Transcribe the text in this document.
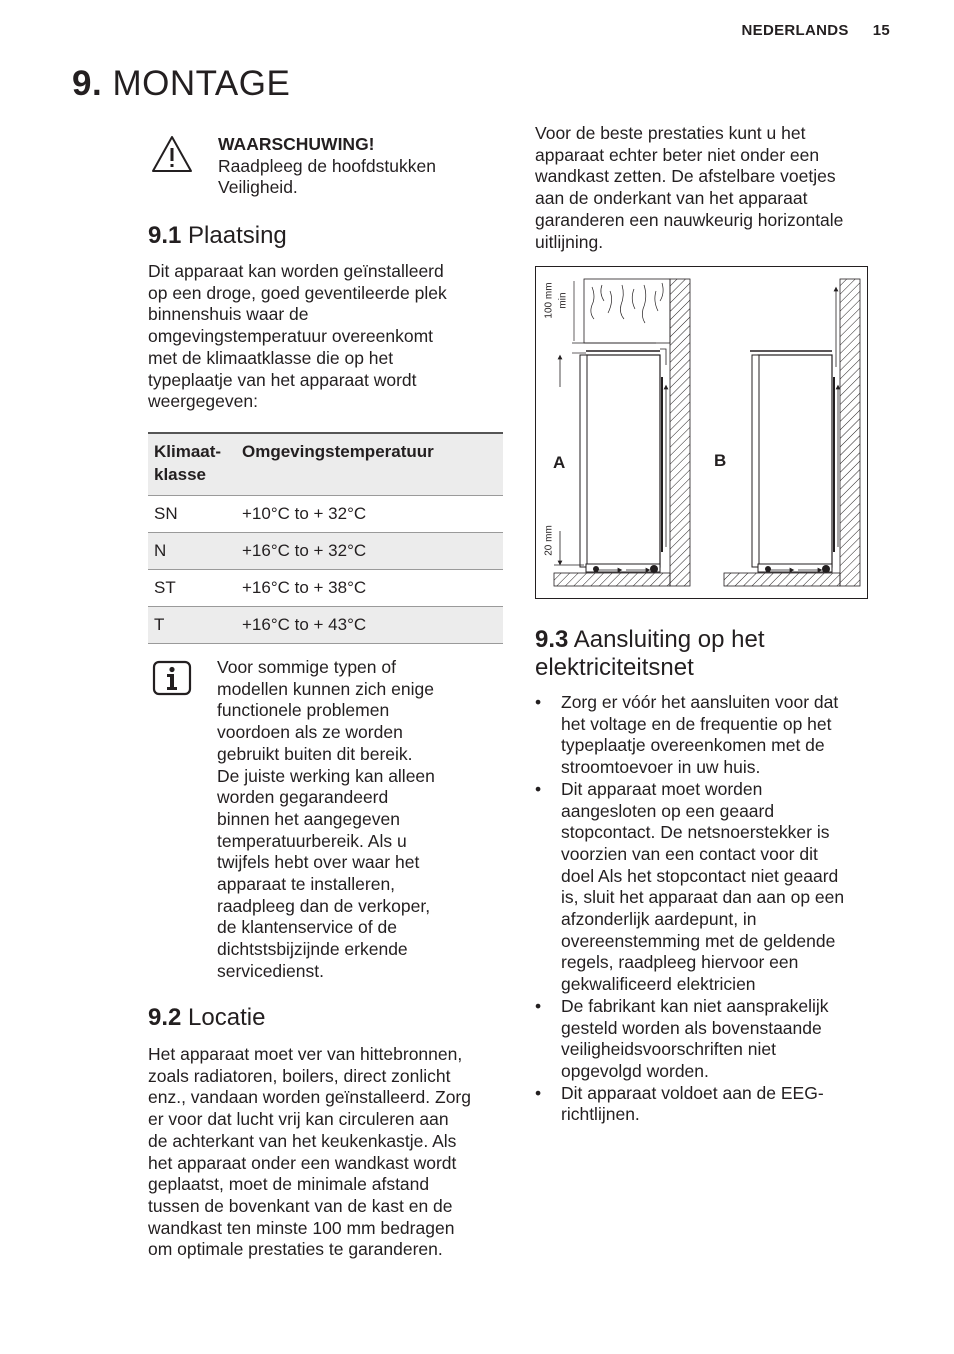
NEDERLANDS 15
9. MONTAGE
WAARSCHUWING!
Raadpleeg de hoofdstukken
Veiligheid.
9.1 Plaatsing
Dit apparaat kan worden geïnstalleerd
op een droge, goed geventileerde plek
binnenshuis waar de
omgevingstemperatuur overeenkomt
met de klimaatklasse die op het
typeplaatje van het apparaat wordt
weergegeven:
Klimaat-
klasse	Omgevingstemperatuur
SN	+10°C to + 32°C
N	+16°C to + 32°C
ST	+16°C to + 38°C
T	+16°C to + 43°C
Voor sommige typen of
modellen kunnen zich enige
functionele problemen
voordoen als ze worden
gebruikt buiten dit bereik.
De juiste werking kan alleen
worden gegarandeerd
binnen het aangegeven
temperatuurbereik. Als u
twijfels hebt over waar het
apparaat te installeren,
raadpleeg dan de verkoper,
de klantenservice of de
dichtstsbijzijnde erkende
servicedienst.
9.2 Locatie
Het apparaat moet ver van hittebronnen,
zoals radiatoren, boilers, direct zonlicht
enz., vandaan worden geïnstalleerd. Zorg
er voor dat lucht vrij kan circuleren aan
de achterkant van het keukenkastje. Als
het apparaat onder een wandkast wordt
geplaatst, moet de minimale afstand
tussen de bovenkant van de kast en de
wandkast ten minste 100 mm bedragen
om optimale prestaties te garanderen.
Voor de beste prestaties kunt u het
apparaat echter beter niet onder een
wandkast zetten. De afstelbare voetjes
aan de onderkant van het apparaat
garanderen een nauwkeurig horizontale
uitlijning.
A	B
100 mm min
20 mm
9.3 Aansluiting op het
elektriciteitsnet
• Zorg er vóór het aansluiten voor dat
het voltage en de frequentie op het
typeplaatje overeenkomen met de
stroomtoevoer in uw huis.
• Dit apparaat moet worden
aangesloten op een geaard
stopcontact. De netsnoerstekker is
voorzien van een contact voor dit
doel Als het stopcontact niet geaard
is, sluit het apparaat dan aan op een
afzonderlijk aardepunt, in
overeenstemming met de geldende
regels, raadpleeg hiervoor een
gekwalificeerd elektricien
• De fabrikant kan niet aansprakelijk
gesteld worden als bovenstaande
veiligheidsvoorschriften niet
opgevolgd worden.
• Dit apparaat voldoet aan de EEG-
richtlijnen.
